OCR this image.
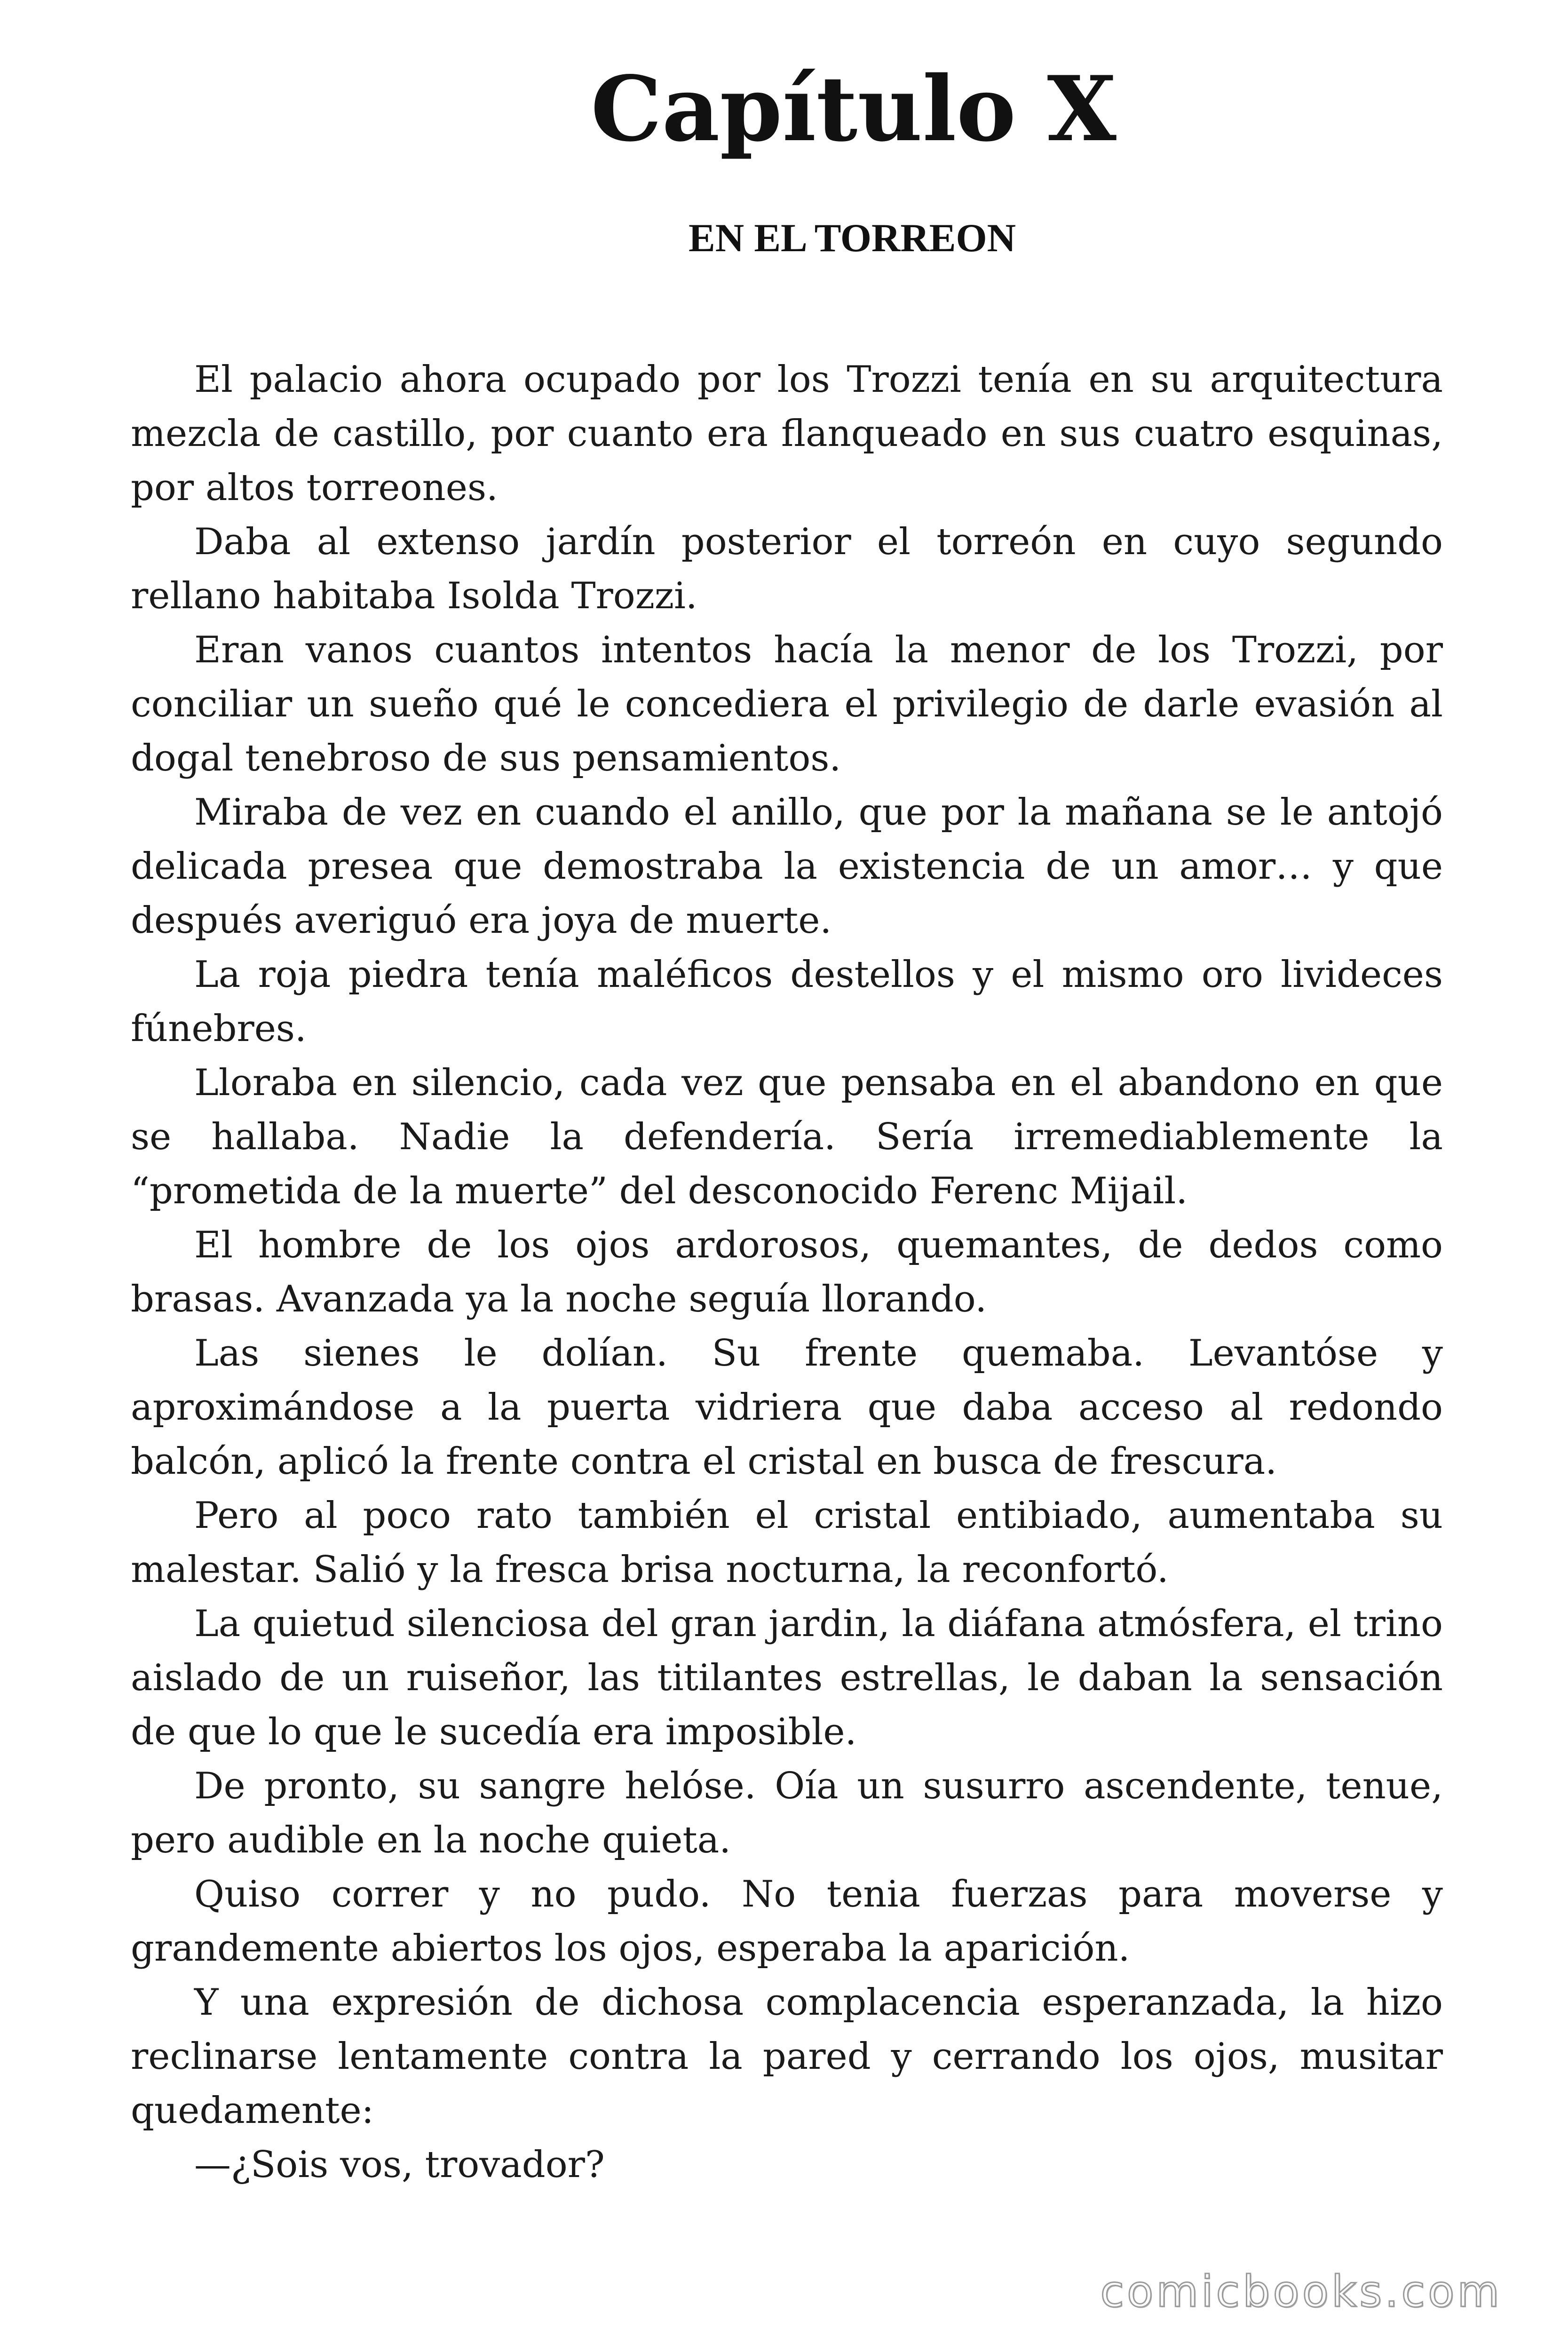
Capítulo X
EN EL TORREON

El palacio ahora ocupado por los Trozzi tenía en su arquitectura mezcla de castillo, por cuanto era flanqueado en sus cuatro esquinas, por altos torreones.

Daba al extenso jardín posterior el torreón en cuyo segundo rellano habitaba Isolda Trozzi.

Eran vanos cuantos intentos hacía la menor de los Trozzi, por conciliar un sueño qué le concediera el privilegio de darle evasión al dogal tenebroso de sus pensamientos.

Miraba de vez en cuando el anillo, que por la mañana se le antojó delicada presea que demostraba la existencia de un amor… y que después averiguó era joya de muerte.

La roja piedra tenía maléficos destellos y el mismo oro livideces fúnebres.

Lloraba en silencio, cada vez que pensaba en el abandono en que se hallaba. Nadie la defendería. Sería irremediablemente la “prometida de la muerte” del desconocido Ferenc Mijail.

El hombre de los ojos ardorosos, quemantes, de dedos como brasas. Avanzada ya la noche seguía llorando.

Las sienes le dolían. Su frente quemaba. Levantóse y aproximándose a la puerta vidriera que daba acceso al redondo balcón, aplicó la frente contra el cristal en busca de frescura.

Pero al poco rato también el cristal entibiado, aumentaba su malestar. Salió y la fresca brisa nocturna, la reconfortó.

La quietud silenciosa del gran jardin, la diáfana atmósfera, el trino aislado de un ruiseñor, las titilantes estrellas, le daban la sensación de que lo que le sucedía era imposible.

De pronto, su sangre helóse. Oía un susurro ascendente, tenue, pero audible en la noche quieta.

Quiso correr y no pudo. No tenia fuerzas para moverse y grandemente abiertos los ojos, esperaba la aparición.

Y una expresión de dichosa complacencia esperanzada, la hizo reclinarse lentamente contra la pared y cerrando los ojos, musitar quedamente:

—¿Sois vos, trovador?

comicbooks.com
